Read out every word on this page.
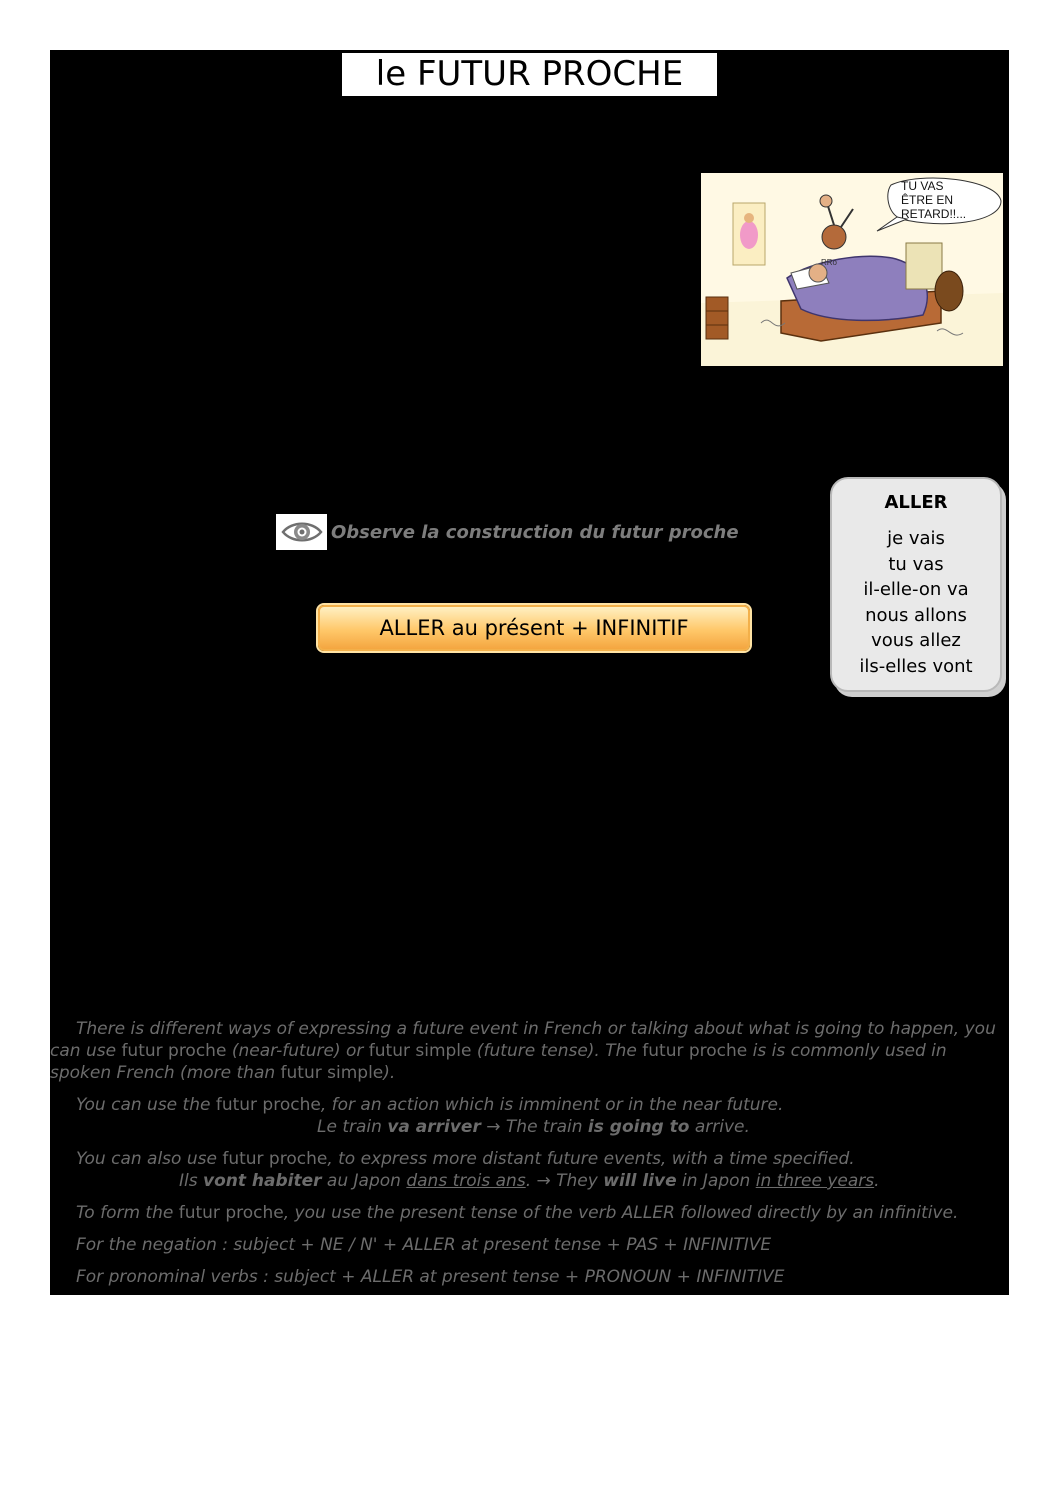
le FUTUR PROCHE
TU VAS
ÊTRE EN
RETARD!!...
RRo
Observe la construction du futur proche
ALLER au présent + INFINITIF
ALLER
je vais
tu vas
il-elle-on va
nous allons
vous allez
ils-elles vont

There is different ways of expressing a future event in French or talking about what is going to happen, you can use futur proche (near-future) or futur simple (future tense). The futur proche is is commonly used in spoken French (more than futur simple).

You can use the futur proche, for an action which is imminent or in the near future.

Le train va arriver → The train is going to arrive.

You can also use futur proche, to express more distant future events, with a time specified.

Ils vont habiter au Japon dans trois ans. → They will live in Japon in three years.

To form the futur proche, you use the present tense of the verb ALLER followed directly by an infinitive.

For the negation : subject + NE / N' + ALLER at present tense + PAS + INFINITIVE

For pronominal verbs : subject + ALLER at present tense + PRONOUN + INFINITIVE
